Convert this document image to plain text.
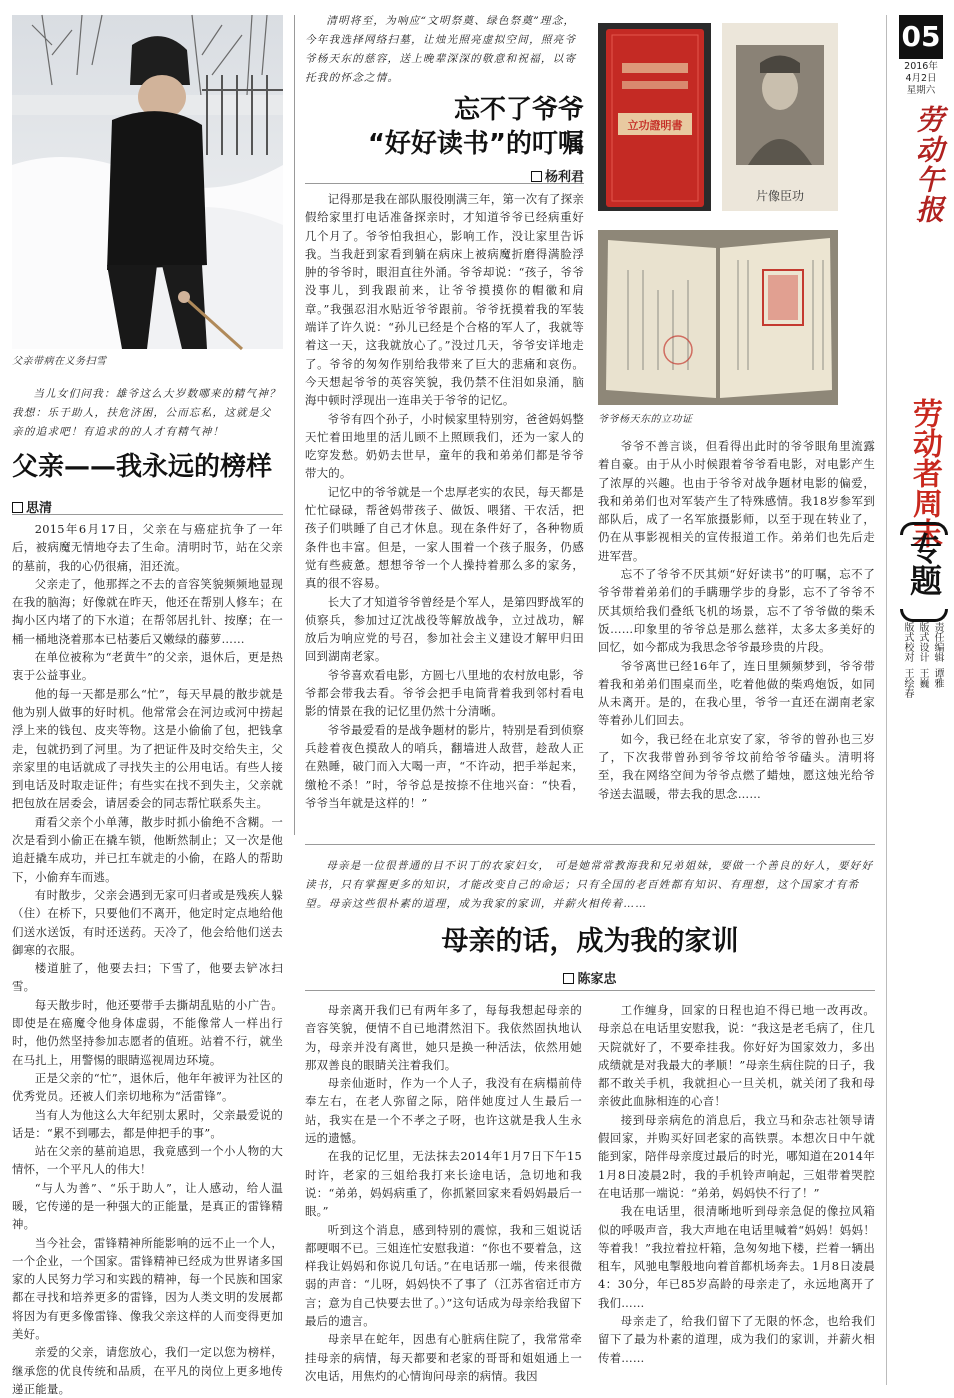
父亲带病在义务扫雪
当儿女们问我：雄爷这么大岁数哪来的精气神？我想：乐于助人，扶危济困，公而忘私，这就是父亲的追求吧！有追求的的人才有精气神！
父亲——我永远的榜样
思清

2015年6月17日，父亲在与癌症抗争了一年后，被病魔无情地夺去了生命。清明时节，站在父亲的墓前，我的心仍很痛，泪还流。

父亲走了，他那挥之不去的音容笑貌频频地显现在我的脑海；好像就在昨天，他还在帮别人修车；在掏小区内堵了的下水道；在帮邻居扎针、按摩；在一桶一桶地浇着那本已枯萎后又嫩绿的藤萝……

在单位被称为“老黄牛”的父亲，退休后，更是热衷于公益事业。

他的每一天都是那么“忙”，每天早晨的散步就是他为别人做事的好时机。他常常会在河边或河中捞起浮上来的钱包、皮夹等物。这是小偷偷了包，把钱拿走，包就扔到了河里。为了把证件及时交给失主，父亲家里的电话就成了寻找失主的公用电话。有些人接到电话及时取走证件；有些实在找不到失主，父亲就把包放在居委会，请居委会的同志帮忙联系失主。

甭看父亲个小单薄，散步时抓小偷绝不含糊。一次是看到小偷正在撬车锁，他断然制止；又一次是他追赶撬车成功，并已扛车就走的小偷，在路人的帮助下，小偷弃车而逃。

有时散步，父亲会遇到无家可归者或是残疾人躲（住）在桥下，只要他们不离开，他定时定点地给他们送水送饭，有时还送药。天冷了，他会给他们送去御寒的衣服。

楼道脏了，他要去扫；下雪了，他要去铲冰扫雪。

每天散步时，他还要带手去撕胡乱贴的小广告。即使是在癌魔令他身体虚弱，不能像常人一样出行时，他仍然坚持参加志愿者的值班。站着不行，就坐在马扎上，用警惕的眼睛巡视周边环境。

正是父亲的“忙”，退休后，他年年被评为社区的优秀党员。还被人们亲切地称为“活雷锋”。

当有人为他这么大年纪别太累时，父亲最爱说的话是：“累不到哪去，都是伸把手的事”。

站在父亲的墓前追思，我竟感到一个小人物的大情怀，一个平凡人的伟大！

“与人为善”、“乐于助人”，让人感动，给人温暖，它传递的是一种强大的正能量，是真正的雷锋精神。

当今社会，雷锋精神所能影响的远不止一个人，一个企业，一个国家。雷锋精神已经成为世界诸多国家的人民努力学习和实践的精神，每一个民族和国家都在寻找和培养更多的雷锋，因为人类文明的发展都将因为有更多像雷锋、像我父亲这样的人而变得更加美好。

亲爱的父亲，请您放心，我们一定以您为榜样，继承您的优良传统和品质，在平凡的岗位上更多地传递正能量。

清明将至，为响应“文明祭奠、绿色祭奠”理念，今年我选择网络扫墓，让烛光照亮虚拟空间，照亮爷爷杨天东的慈容，送上晚辈深深的敬意和祝福，以寄托我的怀念之情。
忘不了爷爷
“好好读书”的叮嘱
杨利君

记得那是我在部队服役刚满三年，第一次有了探亲假给家里打电话准备探亲时，才知道爷爷已经病重好几个月了。爷爷怕我担心，影响工作，没让家里告诉我。当我赶到家看到躺在病床上被病魔折磨得满脸浮肿的爷爷时，眼泪直往外涌。爷爷却说：“孩子，爷爷没事儿，到我跟前来，让爷爷摸摸你的帽徽和肩章。”我强忍泪水贴近爷爷跟前。爷爷抚摸着我的军装端详了许久说：“孙儿已经是个合格的军人了，我就等着这一天，这我就放心了。”没过几天，爷爷安详地走了。爷爷的匆匆作别给我带来了巨大的悲痛和哀伤。今天想起爷爷的英容笑貌，我仍禁不住泪如泉涌，脑海中顿时浮现出一连串关于爷爷的记忆。

爷爷有四个孙子，小时候家里特别穷，爸爸妈妈整天忙着田地里的活儿顾不上照顾我们，还为一家人的吃穿发愁。奶奶去世早，童年的我和弟弟们都是爷爷带大的。

记忆中的爷爷就是一个忠厚老实的农民，每天都是忙忙碌碌，帮爸妈带孩子、做饭、喂猪、干农活，把孩子们哄睡了自己才休息。现在条件好了，各种物质条件也丰富。但是，一家人围着一个孩子服务，仍感觉有些疲惫。想想爷爷一个人操持着那么多的家务，真的很不容易。

长大了才知道爷爷曾经是个军人，是第四野战军的侦察兵，参加过辽沈战役等解放战争，立过战功，解放后为响应党的号召，参加社会主义建设才解甲归田回到湖南老家。

爷爷喜欢看电影，方圆七八里地的农村放电影，爷爷都会带我去看。爷爷会把手电筒背着我到邻村看电影的情景在我的记忆里仍然十分清晰。

爷爷最爱看的是战争题材的影片，特别是看到侦察兵趁着夜色摸敌人的哨兵，翻墙进人敌营，趁敌人正在熟睡，破门而入大喝一声，“不许动，把手举起来，缴枪不杀！”时，爷爷总是按捺不住地兴奋：“快看，爷爷当年就是这样的！”

立功證明書
片像臣功
爷爷杨天东的立功证

爷爷不善言谈，但看得出此时的爷爷眼角里流露着自豪。由于从小时候跟着爷爷看电影，对电影产生了浓厚的兴趣。也由于爷爷对战争题材电影的偏爱，我和弟弟们也对军装产生了特殊感情。我18岁参军到部队后，成了一名军旅摄影师，以至于现在转业了，仍在从事影视相关的宣传报道工作。弟弟们也先后走进军营。

忘不了爷爷不厌其烦“好好读书”的叮嘱，忘不了爷爷带着弟弟们的手瞒珊学步的身影，忘不了爷爷不厌其烦给我们叠纸飞机的场景，忘不了爷爷做的柴禾饭……印象里的爷爷总是那么慈祥，太多太多美好的回忆，如今都成为我思念爷爷最珍贵的片段。

爷爷离世已经16年了，连日里频频梦到，爷爷带着我和弟弟们围桌而坐，吃着他做的柴鸡炮饭，如同从未离开。是的，在我心里，爷爷一直还在湖南老家等着孙儿们回去。

如今，我已经在北京安了家，爷爷的曾孙也三岁了，下次我带曾孙到爷爷坟前给爷爷磕头。清明将至，我在网络空间为爷爷点燃了蜡烛，愿这烛光给爷爷送去温暖，带去我的思念……

05
2016年
4月2日
星期六
劳动午报
劳动者周末
专题
责任编辑谭雅
版式设计王巍
版式校对王绘春
母亲是一位很普通的目不识丁的农家妇女， 可是她常常教海我和兄弟姐妹，要做一个善良的好人，要好好读书，只有掌握更多的知识，才能改变自己的命运；只有全国的老百姓都有知识、有理想，这个国家才有希望。母亲这些很朴素的道理，成为我家的家训，并薪火相传着……
母亲的话，成为我的家训
陈家忠

母亲离开我们已有两年多了，每每我想起母亲的音容笑貌，便情不自已地潸然泪下。我依然固执地认为，母亲并没有离世，她只是换一种活法，依然用她那双善良的眼睛关注着我们。

母亲仙逝时，作为一个人子，我没有在病榻前侍奉左右，在老人弥留之际，陪伴她度过人生最后一站，我实在是一个不孝之子呀，也许这就是我人生永远的遗憾。

在我的记忆里，无法抹去2014年1月7日下午15时许，老家的三姐给我打来长途电话，急切地和我说：“弟弟，妈妈病重了，你抓紧回家来看妈妈最后一眼。”

听到这个消息，感到特别的震惊，我和三姐说话都哽咽不已。三姐连忙安慰我道：“你也不要着急，这样我让妈妈和你说几句话。”在电话那一端，传来很微弱的声音：“儿呀，妈妈快不了事了（江苏省宿迁市方言；意为自己快要去世了。）”这句话成为母亲给我留下最后的遗言。

母亲早在蛇年，因患有心脏病住院了，我常常牵挂母亲的病情，每天都要和老家的哥哥和姐姐通上一次电话，用焦灼的心情询问母亲的病情。我因

工作缠身，回家的日程也迫不得已地一改再改。母亲总在电话里安慰我，说：“我这是老毛病了，住几天院就好了，不要牵挂我。你好好为国家效力，多出成绩就是对我最大的孝顺！”母亲生病住院的日子，我都不敢关手机，我就担心一旦关机，就关闭了我和母亲彼此血脉相连的心音！

接到母亲病危的消息后，我立马和杂志社领导请假回家，并购买好回老家的高铁票。本想次日中午就能到家，陪伴母亲度过最后的时光，哪知道在2014年1月8日凌晨2时，我的手机铃声响起，三姐带着哭腔在电话那一端说：“弟弟，妈妈快不行了！”

我在电话里，很清晰地听到母亲急促的像拉风箱似的呼吸声音，我大声地在电话里喊着“妈妈！妈妈！等着我！”我拉着拉杆箱，急匆匆地下楼，拦着一辆出租车，风驰电掣般地向着首都机场奔去。1月8日凌晨4：30分，年已85岁高龄的母亲走了，永远地离开了我们……

母亲走了，给我们留下了无限的怀念，也给我们留下了最为朴素的道理，成为我们的家训，并薪火相传着……
